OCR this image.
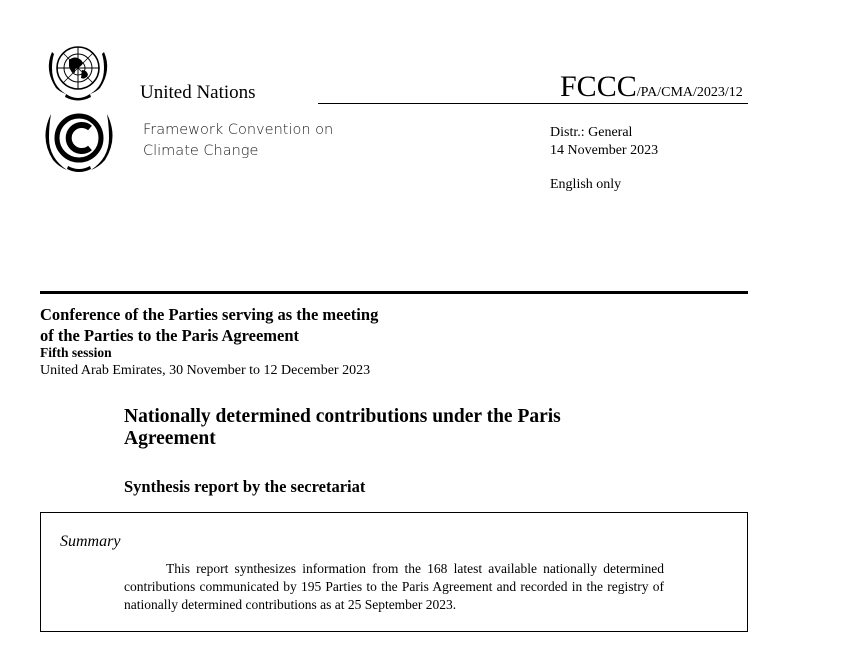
United Nations	FCCC/PA/CMA/2023/12
Framework Convention on
Climate Change
Distr.: General
14 November 2023
English only
Conference of the Parties serving as the meeting
of the Parties to the Paris Agreement
Fifth session
United Arab Emirates, 30 November to 12 December 2023
Nationally determined contributions under the Paris
Agreement
Synthesis report by the secretariat
Summary
This report synthesizes information from the 168 latest available nationally determined contributions communicated by 195 Parties to the Paris Agreement and recorded in the registry of nationally determined contributions as at 25 September 2023.
